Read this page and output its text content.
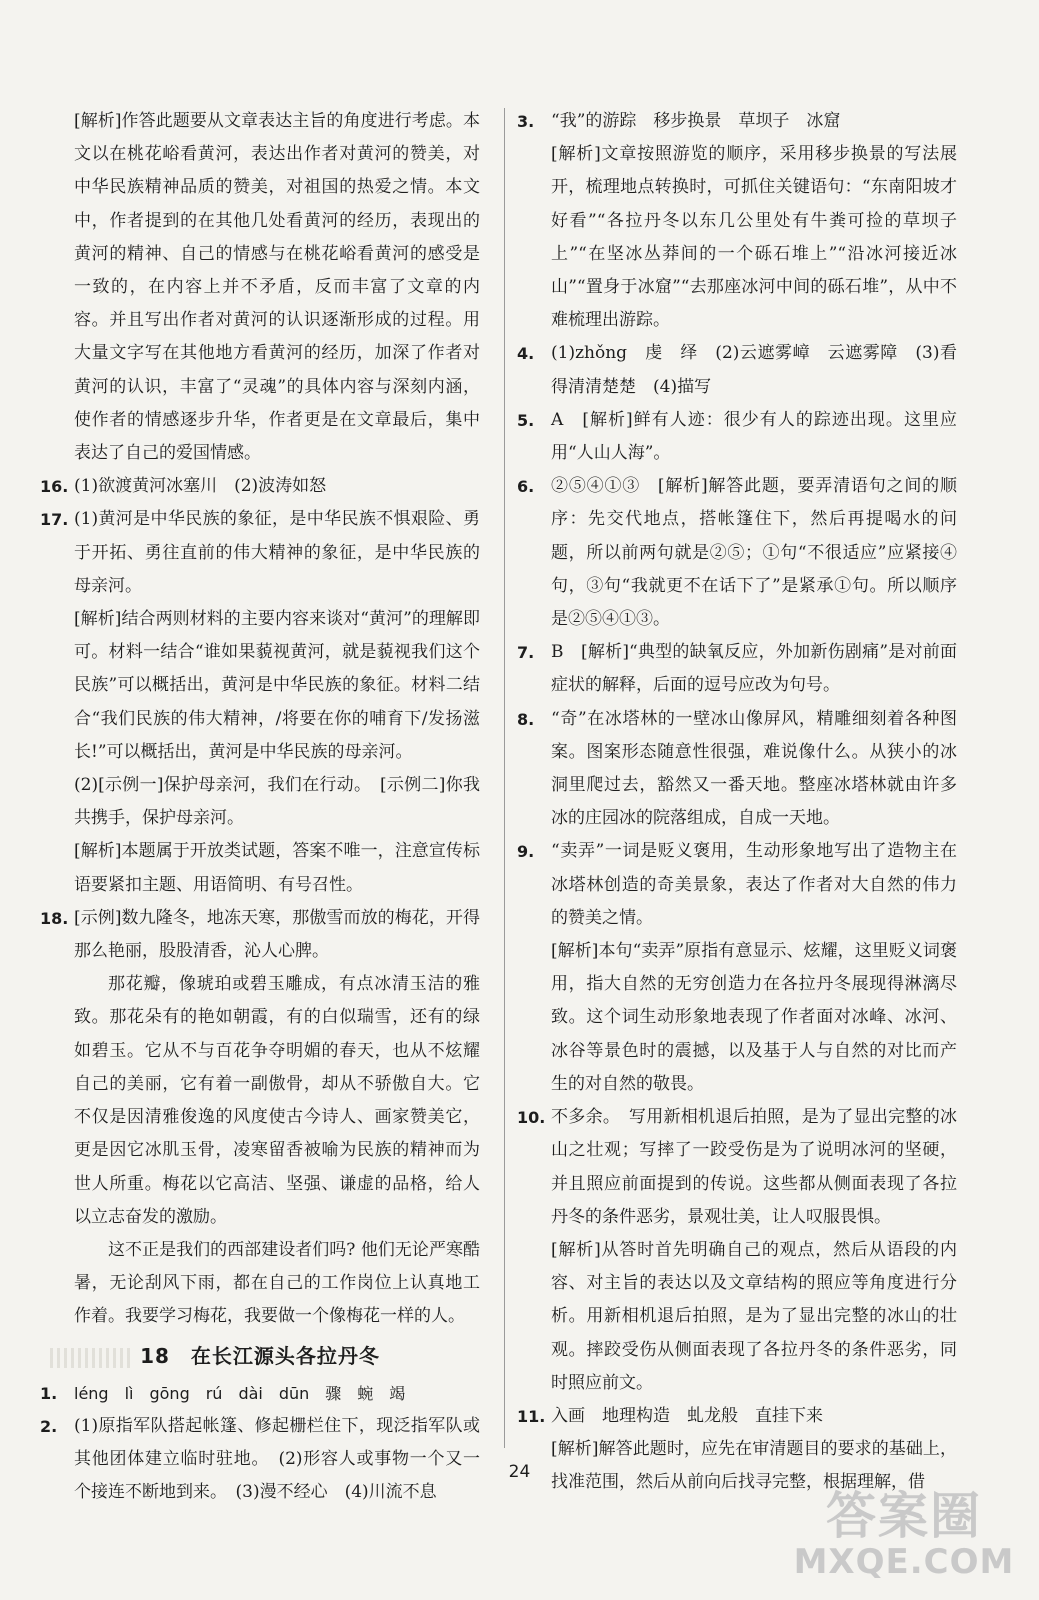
[解析]作答此题要从文章表达主旨的角度进行考虑。本文以在桃花峪看黄河，表达出作者对黄河的赞美，对中华民族精神品质的赞美，对祖国的热爱之情。本文中，作者提到的在其他几处看黄河的经历，表现出的黄河的精神、自己的情感与在桃花峪看黄河的感受是一致的，在内容上并不矛盾，反而丰富了文章的内容。并且写出作者对黄河的认识逐渐形成的过程。用大量文字写在其他地方看黄河的经历，加深了作者对黄河的认识，丰富了“灵魂”的具体内容与深刻内涵，使作者的情感逐步升华，作者更是在文章最后，集中表达了自己的爱国情感。

16. (1)欲渡黄河冰塞川　(2)波涛如怒

17. (1)黄河是中华民族的象征，是中华民族不惧艰险、勇于开拓、勇往直前的伟大精神的象征，是中华民族的母亲河。

[解析]结合两则材料的主要内容来谈对“黄河”的理解即可。材料一结合“谁如果藐视黄河，就是藐视我们这个民族”可以概括出，黄河是中华民族的象征。材料二结合“我们民族的伟大精神，/将要在你的哺育下/发扬滋长!”可以概括出，黄河是中华民族的母亲河。

(2)[示例一]保护母亲河，我们在行动。　[示例二]你我共携手，保护母亲河。

[解析]本题属于开放类试题，答案不唯一，注意宣传标语要紧扣主题、用语简明、有号召性。

18. [示例]数九隆冬，地冻天寒，那傲雪而放的梅花，开得那么艳丽，股股清香，沁人心脾。

那花瓣，像琥珀或碧玉雕成，有点冰清玉洁的雅致。那花朵有的艳如朝霞，有的白似瑞雪，还有的绿如碧玉。它从不与百花争夺明媚的春天，也从不炫耀自己的美丽，它有着一副傲骨，却从不骄傲自大。它不仅是因清雅俊逸的风度使古今诗人、画家赞美它，更是因它冰肌玉骨，凌寒留香被喻为民族的精神而为世人所重。梅花以它高洁、坚强、谦虚的品格，给人以立志奋发的激励。

这不正是我们的西部建设者们吗? 他们无论严寒酷暑，无论刮风下雨，都在自己的工作岗位上认真地工作着。我要学习梅花，我要做一个像梅花一样的人。

18　在长江源头各拉丹冬
1.	léng　lì　gōng　rú　dài　dūn　骤　蜿　竭

2. (1)原指军队搭起帐篷、修起栅栏住下，现泛指军队或其他团体建立临时驻地。　(2)形容人或事物一个又一个接连不断地到来。　(3)漫不经心　(4)川流不息

3. “我”的游踪　移步换景　草坝子　冰窟

[解析]文章按照游览的顺序，采用移步换景的写法展开，梳理地点转换时，可抓住关键语句：“东南阳坡才好看”“各拉丹冬以东几公里处有牛粪可捡的草坝子上”“在坚冰丛莽间的一个砾石堆上”“沿冰河接近冰山”“置身于冰窟”“去那座冰河中间的砾石堆”，从中不难梳理出游踪。

4. (1)zhǒng　虔　绎　(2)云遮雾嶂　云遮雾障　(3)看得清清楚楚　(4)描写

5. A　[解析]鲜有人迹：很少有人的踪迹出现。这里应用“人山人海”。

6. ②⑤④①③　[解析]解答此题，要弄清语句之间的顺序：先交代地点，搭帐篷住下，然后再提喝水的问题，所以前两句就是②⑤；①句“不很适应”应紧接④句，③句“我就更不在话下了”是紧承①句。所以顺序是②⑤④①③。

7. B　[解析]“典型的缺氧反应，外加新伤剧痛”是对前面症状的解释，后面的逗号应改为句号。

8. “奇”在冰塔林的一壁冰山像屏风，精雕细刻着各种图案。图案形态随意性很强，难说像什么。从狭小的冰洞里爬过去，豁然又一番天地。整座冰塔林就由许多冰的庄园冰的院落组成，自成一天地。

9. “卖弄”一词是贬义褒用，生动形象地写出了造物主在冰塔林创造的奇美景象，表达了作者对大自然的伟力的赞美之情。

[解析]本句“卖弄”原指有意显示、炫耀，这里贬义词褒用，指大自然的无穷创造力在各拉丹冬展现得淋漓尽致。这个词生动形象地表现了作者面对冰峰、冰河、冰谷等景色时的震撼，以及基于人与自然的对比而产生的对自然的敬畏。

10. 不多余。　写用新相机退后拍照，是为了显出完整的冰山之壮观；写摔了一跤受伤是为了说明冰河的坚硬，并且照应前面提到的传说。这些都从侧面表现了各拉丹冬的条件恶劣，景观壮美，让人叹服畏惧。

[解析]从答时首先明确自己的观点，然后从语段的内容、对主旨的表达以及文章结构的照应等角度进行分析。用新相机退后拍照，是为了显出完整的冰山的壮观。摔跤受伤从侧面表现了各拉丹冬的条件恶劣，同时照应前文。

11. 入画　地理构造　虬龙般　直挂下来

[解析]解答此题时，应先在审清题目的要求的基础上，找准范围，然后从前向后找寻完整，根据理解，借

24
答案圈
MXQE.COM
